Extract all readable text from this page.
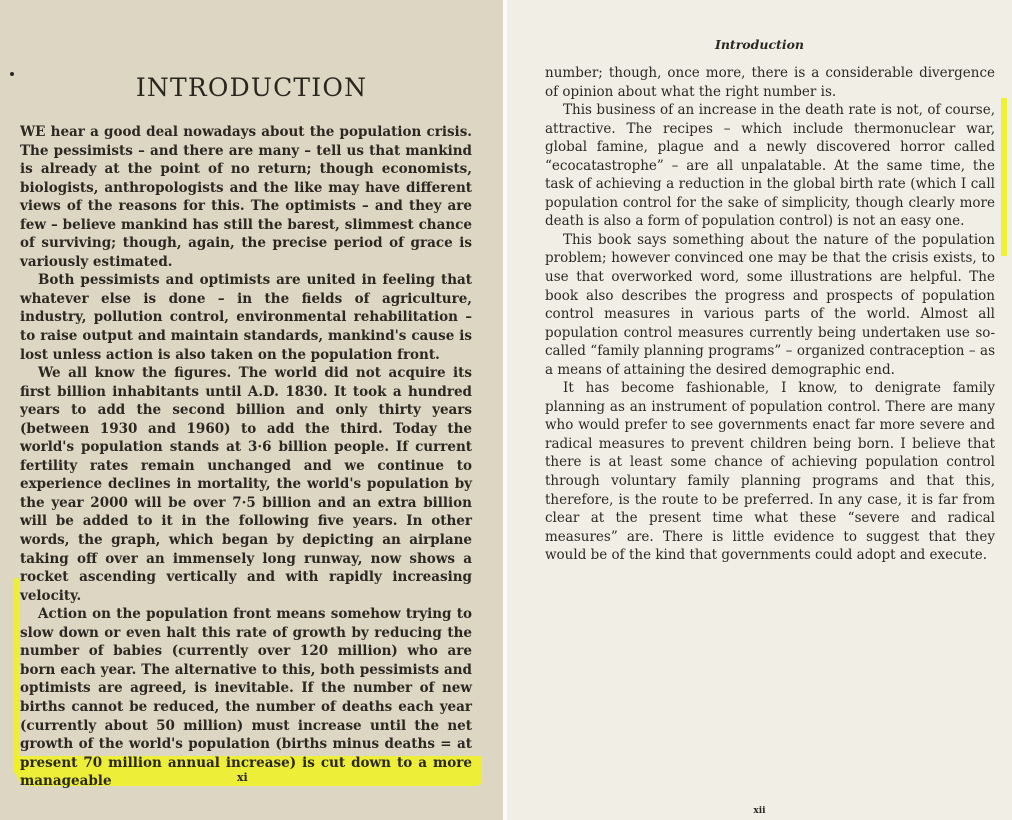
INTRODUCTION

WE hear a good deal nowadays about the population crisis. The pessimists – and there are many – tell us that mankind is already at the point of no return; though economists, biologists, anthropologists and the like may have different views of the reasons for this. The optimists – and they are few – believe mankind has still the barest, slimmest chance of surviving; though, again, the precise period of grace is variously estimated.

Both pessimists and optimists are united in feeling that whatever else is done – in the fields of agriculture, industry, pollution control, environmental rehabilitation – to raise output and maintain standards, mankind's cause is lost unless action is also taken on the population front.

We all know the figures. The world did not acquire its first billion inhabitants until A.D. 1830. It took a hundred years to add the second billion and only thirty years (between 1930 and 1960) to add the third. Today the world's population stands at 3·6 billion people. If current fertility rates remain unchanged and we continue to experience declines in mortality, the world's population by the year 2000 will be over 7·5 billion and an extra billion will be added to it in the following five years. In other words, the graph, which began by depicting an airplane taking off over an immensely long runway, now shows a rocket ascending vertically and with rapidly increasing velocity.

Action on the population front means somehow trying to slow down or even halt this rate of growth by reducing the number of babies (currently over 120 million) who are born each year. The alternative to this, both pessimists and optimists are agreed, is inevitable. If the number of new births cannot be reduced, the number of deaths each year (currently about 50 million) must increase until the net growth of the world's population (births minus deaths = at present 70 million annual increase) is cut down to a more manageable	xi
Introduction

number; though, once more, there is a considerable divergence of opinion about what the right number is.

This business of an increase in the death rate is not, of course, attractive. The recipes – which include thermonuclear war, global famine, plague and a newly discovered horror called “ecocatastrophe” – are all unpalatable. At the same time, the task of achieving a reduction in the global birth rate (which I call population control for the sake of simplicity, though clearly more death is also a form of population control) is not an easy one.

This book says something about the nature of the population problem; however convinced one may be that the crisis exists, to use that overworked word, some illustrations are helpful. The book also describes the progress and prospects of population control measures in various parts of the world. Almost all population control measures currently being undertaken use so-called “family planning programs” – organized contraception – as a means of attaining the desired demographic end.

It has become fashionable, I know, to denigrate family planning as an instrument of population control. There are many who would prefer to see governments enact far more severe and radical measures to prevent children being born. I believe that there is at least some chance of achieving population control through voluntary family planning programs and that this, therefore, is the route to be preferred. In any case, it is far from clear at the present time what these “severe and radical measures” are. There is little evidence to suggest that they would be of the kind that governments could adopt and execute.

xii
